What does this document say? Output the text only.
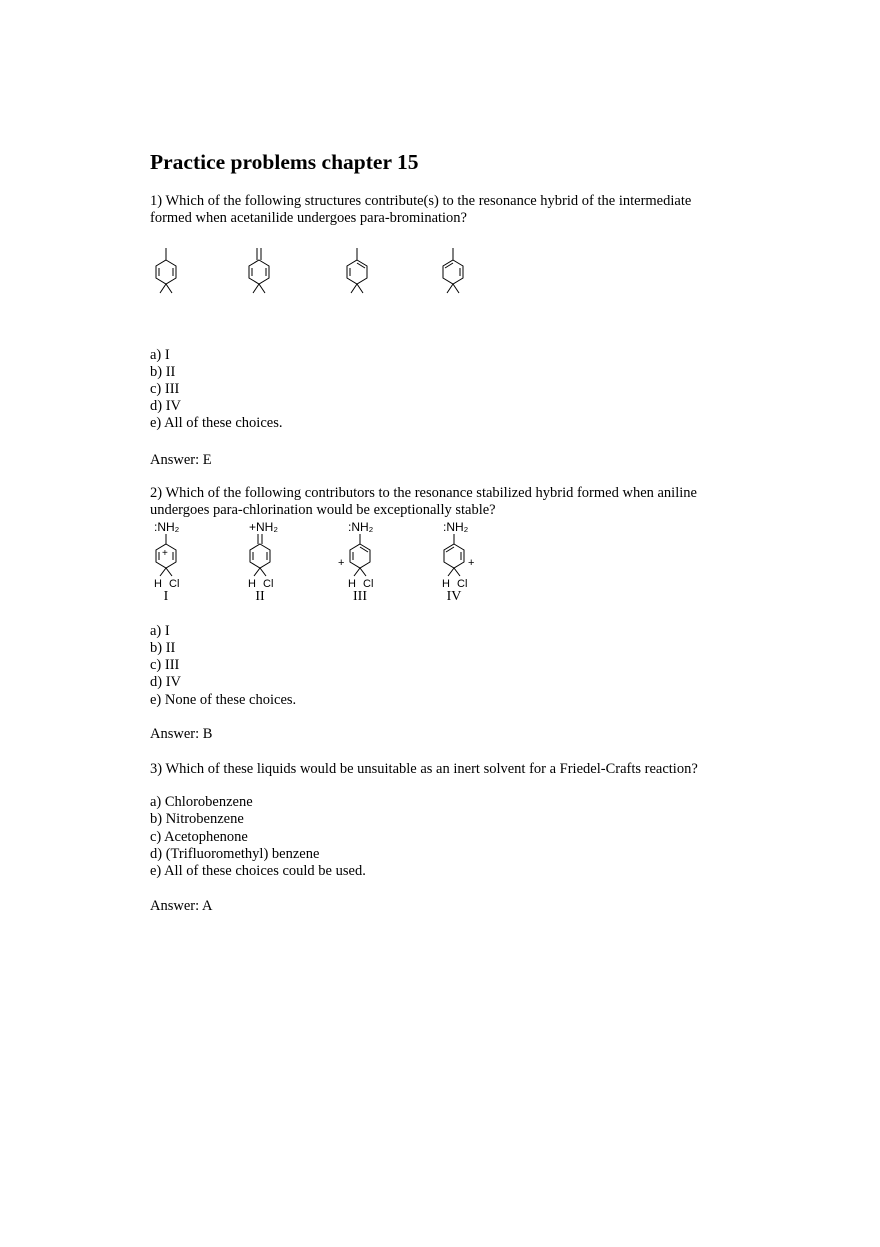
Practice problems chapter 15
1) Which of the following structures contribute(s) to the resonance hybrid of the intermediate
formed when acetanilide undergoes para-bromination?
a) I
b) II
c) III
d) IV
e) All of these choices.
Answer: E
2) Which of the following contributors to the resonance stabilized hybrid formed when aniline
undergoes para-chlorination would be exceptionally stable?
:NH₂
+
H Cl
I
+NH₂
H Cl
II
:NH₂
+
H Cl
III
:NH₂
+
H Cl
IV
a) I
b) II
c) III
d) IV
e) None of these choices.
Answer: B
3) Which of these liquids would be unsuitable as an inert solvent for a Friedel-Crafts reaction?
a) Chlorobenzene
b) Nitrobenzene
c) Acetophenone
d) (Trifluoromethyl) benzene
e) All of these choices could be used.
Answer: A
